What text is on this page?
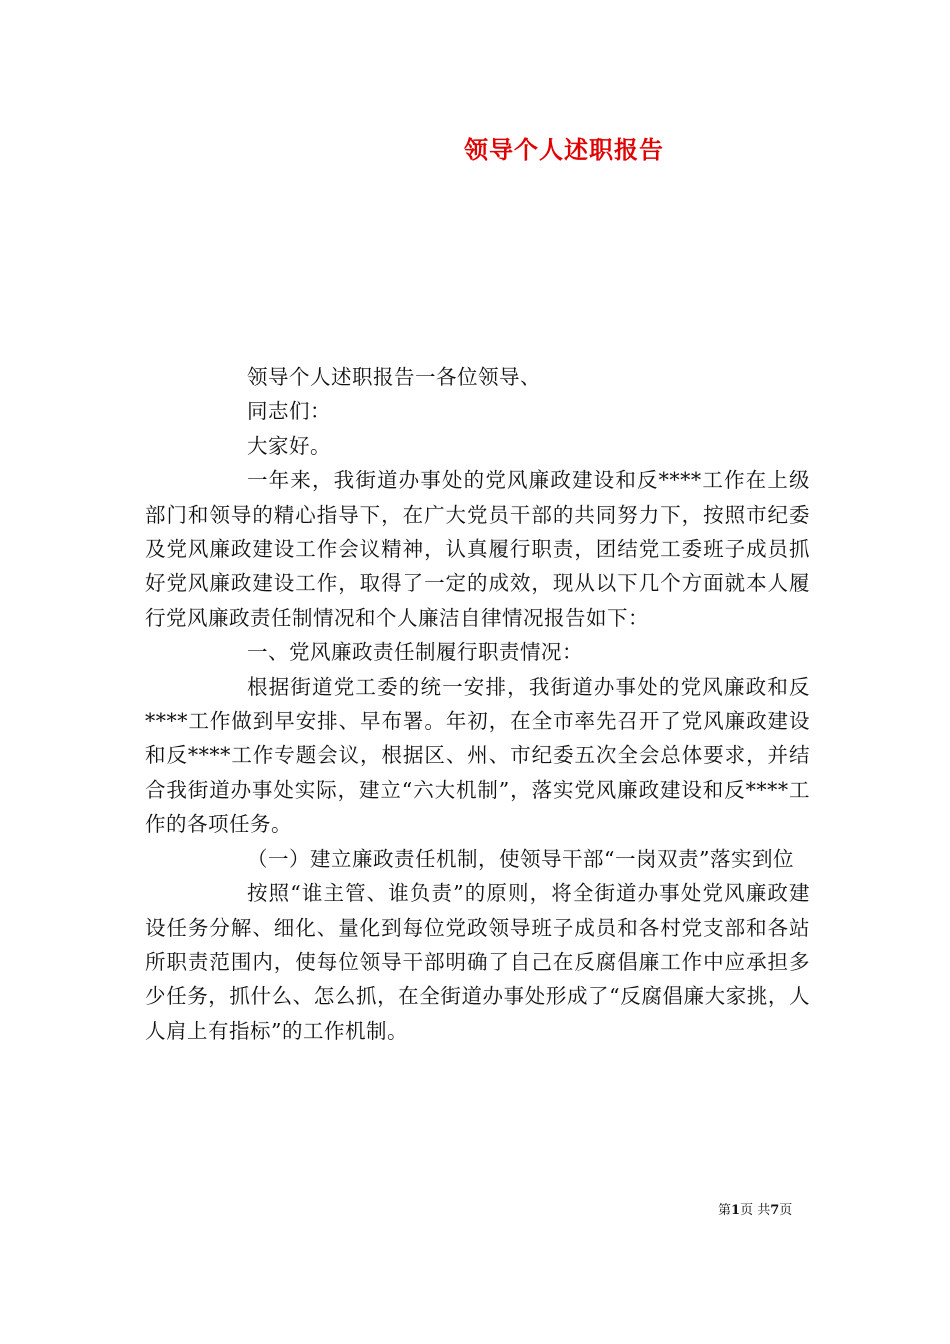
领导个人述职报告

领导个人述职报告一各位领导、

同志们：

大家好。

一年来，我街道办事处的党风廉政建设和反****工作在上级部门和领导的精心指导下，在广大党员干部的共同努力下，按照市纪委及党风廉政建设工作会议精神，认真履行职责，团结党工委班子成员抓好党风廉政建设工作，取得了一定的成效，现从以下几个方面就本人履行党风廉政责任制情况和个人廉洁自律情况报告如下：

一、党风廉政责任制履行职责情况：

根据街道党工委的统一安排，我街道办事处的党风廉政和反****工作做到早安排、早布署。年初，在全市率先召开了党风廉政建设和反****工作专题会议，根据区、州、市纪委五次全会总体要求，并结合我街道办事处实际，建立“六大机制”，落实党风廉政建设和反****工作的各项任务。

（一）建立廉政责任机制，使领导干部“一岗双责”落实到位

按照“谁主管、谁负责”的原则，将全街道办事处党风廉政建设任务分解、细化、量化到每位党政领导班子成员和各村党支部和各站所职责范围内，使每位领导干部明确了自己在反腐倡廉工作中应承担多少任务，抓什么、怎么抓，在全街道办事处形成了“反腐倡廉大家挑，人人肩上有指标”的工作机制。

第1页 共7页
